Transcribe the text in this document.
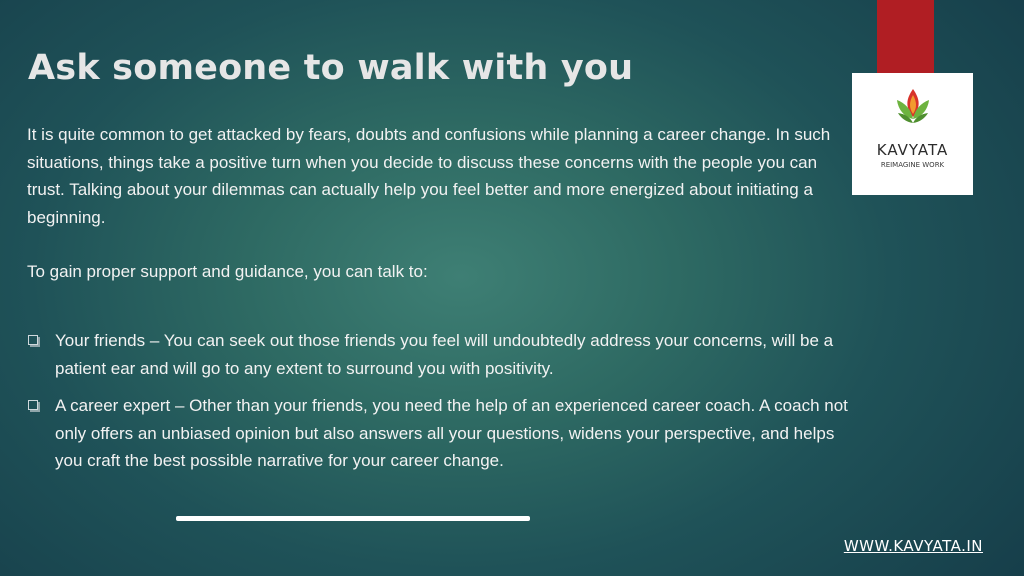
KAVYATA
REIMAGINE WORK
Ask someone to walk with you

It is quite common to get attacked by fears, doubts and confusions while planning a career change. In such situations, things take a positive turn when you decide to discuss these concerns with the people you can trust. Talking about your dilemmas can actually help you feel better and more energized about initiating a beginning.

To gain proper support and guidance, you can talk to:

Your friends – You can seek out those friends you feel will undoubtedly address your concerns, will be a patient ear and will go to any extent to surround you with positivity.
A career expert – Other than your friends, you need the help of an experienced career coach. A coach not only offers an unbiased opinion but also answers all your questions, widens your perspective, and helps you craft the best possible narrative for your career change.
WWW.KAVYATA.IN
